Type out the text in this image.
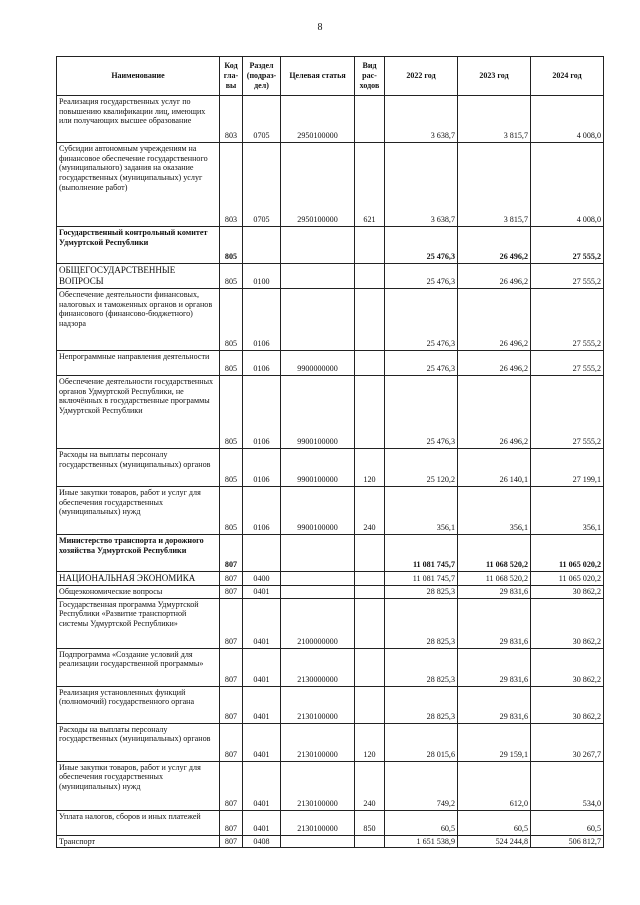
8
Наименование	Код гла-вы	Раздел (подраз-дел)	Целевая статья	Вид рас-ходов	2022 год	2023 год	2024 год
Реализация государственных услуг по повышению квалификации лиц, имеющих или получающих высшее образование	803	0705	2950100000		3 638,7	3 815,7	4 008,0
Субсидии автономным учреждениям на финансовое обеспечение государственного (муниципального) задания на оказание государственных (муниципальных) услуг (выполнение работ)	803	0705	2950100000	621	3 638,7	3 815,7	4 008,0
Государственный контрольный комитет Удмуртской Республики	805				25 476,3	26 496,2	27 555,2
ОБЩЕГОСУДАРСТВЕННЫЕ ВОПРОСЫ	805	0100			25 476,3	26 496,2	27 555,2
Обеспечение деятельности финансовых, налоговых и таможенных органов и органов финансового (финансово-бюджетного) надзора	805	0106			25 476,3	26 496,2	27 555,2
Непрограммные направления деятельности	805	0106	9900000000		25 476,3	26 496,2	27 555,2
Обеспечение деятельности государственных органов Удмуртской Республики, не включённых в государственные программы Удмуртской Республики	805	0106	9900100000		25 476,3	26 496,2	27 555,2
Расходы на выплаты персоналу государственных (муниципальных) органов	805	0106	9900100000	120	25 120,2	26 140,1	27 199,1
Иные закупки товаров, работ и услуг для обеспечения государственных (муниципальных) нужд	805	0106	9900100000	240	356,1	356,1	356,1
Министерство транспорта и дорожного хозяйства Удмуртской Республики	807				11 081 745,7	11 068 520,2	11 065 020,2
НАЦИОНАЛЬНАЯ ЭКОНОМИКА	807	0400			11 081 745,7	11 068 520,2	11 065 020,2
Общеэкономические вопросы	807	0401			28 825,3	29 831,6	30 862,2
Государственная программа Удмуртской Республики «Развитие транспортной системы Удмуртской Республики»	807	0401	2100000000		28 825,3	29 831,6	30 862,2
Подпрограмма «Создание условий для реализации государственной программы»	807	0401	2130000000		28 825,3	29 831,6	30 862,2
Реализация установленных функций (полномочий) государственного органа	807	0401	2130100000		28 825,3	29 831,6	30 862,2
Расходы на выплаты персоналу государственных (муниципальных) органов	807	0401	2130100000	120	28 015,6	29 159,1	30 267,7
Иные закупки товаров, работ и услуг для обеспечения государственных (муниципальных) нужд	807	0401	2130100000	240	749,2	612,0	534,0
Уплата налогов, сборов и иных платежей	807	0401	2130100000	850	60,5	60,5	60,5
Транспорт	807	0408			1 651 538,9	524 244,8	506 812,7
